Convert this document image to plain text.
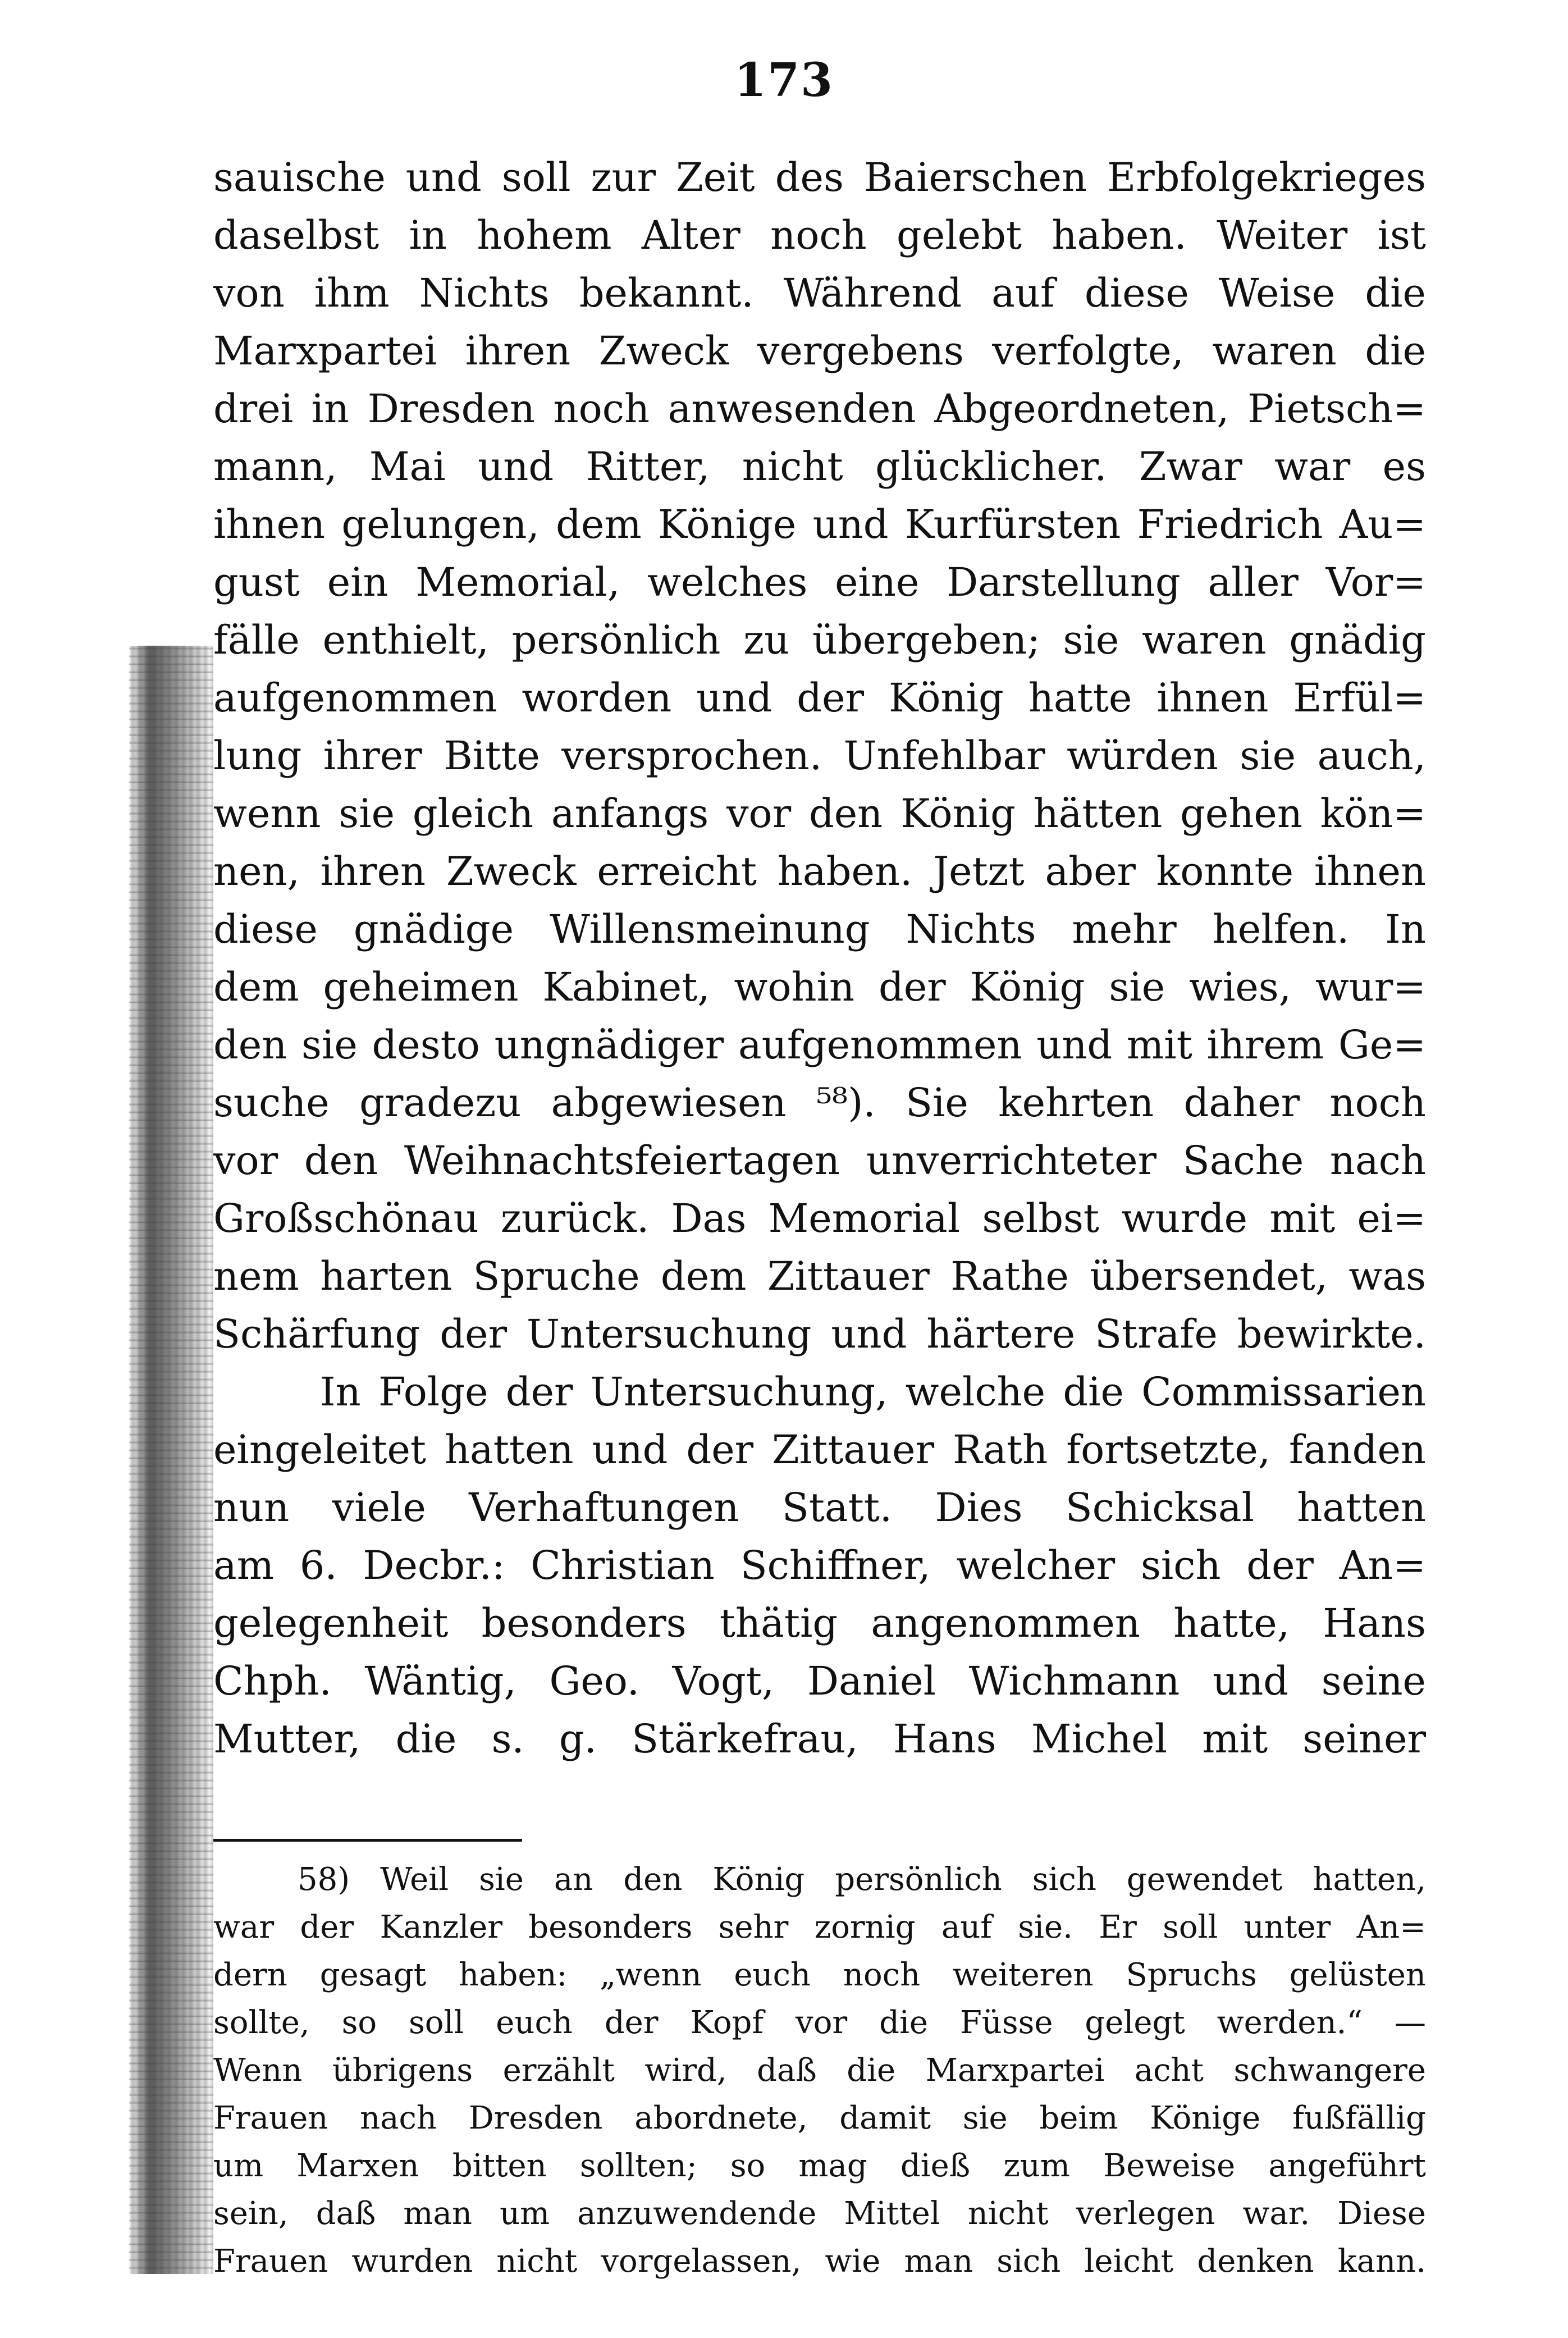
173
sauische und soll zur Zeit des Baierschen Erbfolgekrieges
daselbst in hohem Alter noch gelebt haben. Weiter ist
von ihm Nichts bekannt. Während auf diese Weise die
Marxpartei ihren Zweck vergebens verfolgte, waren die
drei in Dresden noch anwesenden Abgeordneten, Pietsch=
mann, Mai und Ritter, nicht glücklicher. Zwar war es
ihnen gelungen, dem Könige und Kurfürsten Friedrich Au=
gust ein Memorial, welches eine Darstellung aller Vor=
fälle enthielt, persönlich zu übergeben; sie waren gnädig
aufgenommen worden und der König hatte ihnen Erfül=
lung ihrer Bitte versprochen. Unfehlbar würden sie auch,
wenn sie gleich anfangs vor den König hätten gehen kön=
nen, ihren Zweck erreicht haben. Jetzt aber konnte ihnen
diese gnädige Willensmeinung Nichts mehr helfen. In
dem geheimen Kabinet, wohin der König sie wies, wur=
den sie desto ungnädiger aufgenommen und mit ihrem Ge=
suche gradezu abgewiesen ⁵⁸). Sie kehrten daher noch
vor den Weihnachtsfeiertagen unverrichteter Sache nach
Großschönau zurück. Das Memorial selbst wurde mit ei=
nem harten Spruche dem Zittauer Rathe übersendet, was
Schärfung der Untersuchung und härtere Strafe bewirkte.
In Folge der Untersuchung, welche die Commissarien
eingeleitet hatten und der Zittauer Rath fortsetzte, fanden
nun viele Verhaftungen Statt. Dies Schicksal hatten
am 6. Decbr.: Christian Schiffner, welcher sich der An=
gelegenheit besonders thätig angenommen hatte, Hans
Chph. Wäntig, Geo. Vogt, Daniel Wichmann und seine
Mutter, die s. g. Stärkefrau, Hans Michel mit seiner
58) Weil sie an den König persönlich sich gewendet hatten,
war der Kanzler besonders sehr zornig auf sie. Er soll unter An=
dern gesagt haben: „wenn euch noch weiteren Spruchs gelüsten
sollte, so soll euch der Kopf vor die Füsse gelegt werden.“ —
Wenn übrigens erzählt wird, daß die Marxpartei acht schwangere
Frauen nach Dresden abordnete, damit sie beim Könige fußfällig
um Marxen bitten sollten; so mag dieß zum Beweise angeführt
sein, daß man um anzuwendende Mittel nicht verlegen war. Diese
Frauen wurden nicht vorgelassen, wie man sich leicht denken kann.
